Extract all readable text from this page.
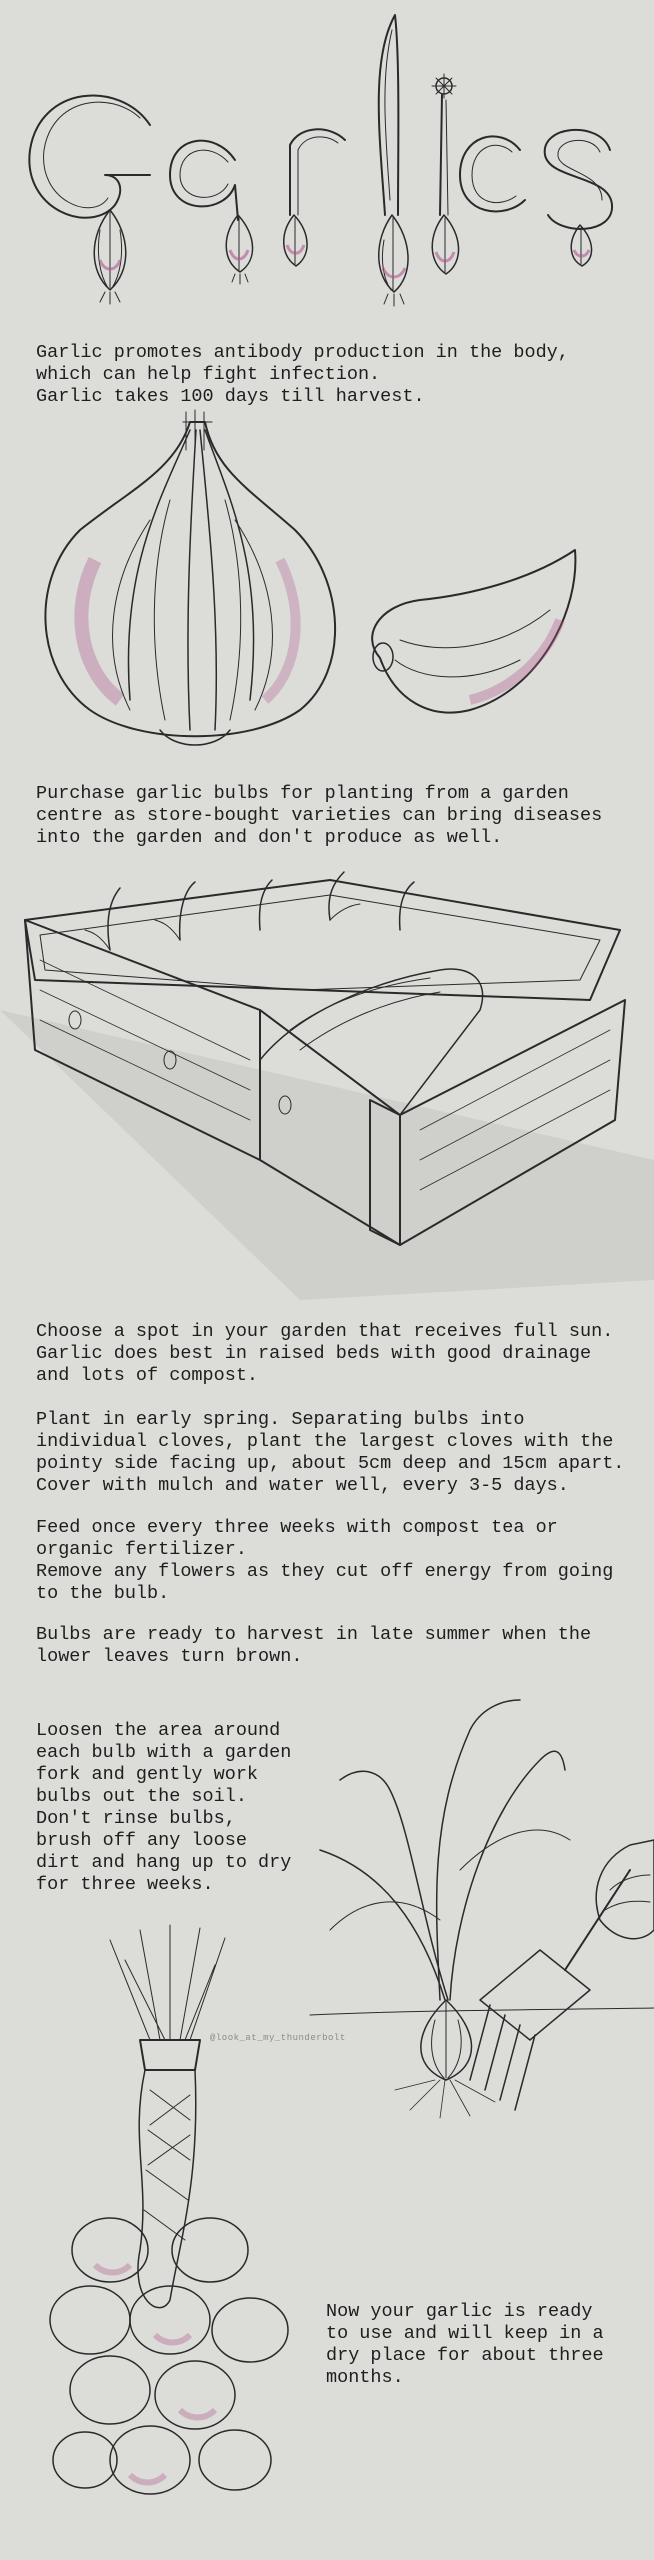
Garlic promotes antibody production in the body,
which can help fight infection.
Garlic takes 100 days till harvest.
Purchase garlic bulbs for planting from a garden
centre as store-bought varieties can bring diseases
into the garden and don't produce as well.
Choose a spot in your garden that receives full sun.
Garlic does best in raised beds with good drainage
and lots of compost.
Plant in early spring. Separating bulbs into
individual cloves, plant the largest cloves with the
pointy side facing up, about 5cm deep and 15cm apart.
Cover with mulch and water well, every 3-5 days.
Feed once every three weeks with compost tea or
organic fertilizer.
Remove any flowers as they cut off energy from going
to the bulb.
Bulbs are ready to harvest in late summer when the
lower leaves turn brown.
Loosen the area around
each bulb with a garden
fork and gently work
bulbs out the soil.
Don't rinse bulbs,
brush off any loose
dirt and hang up to dry
for three weeks.
@look_at_my_thunderbolt
Now your garlic is ready
to use and will keep in a
dry place for about three
months.
